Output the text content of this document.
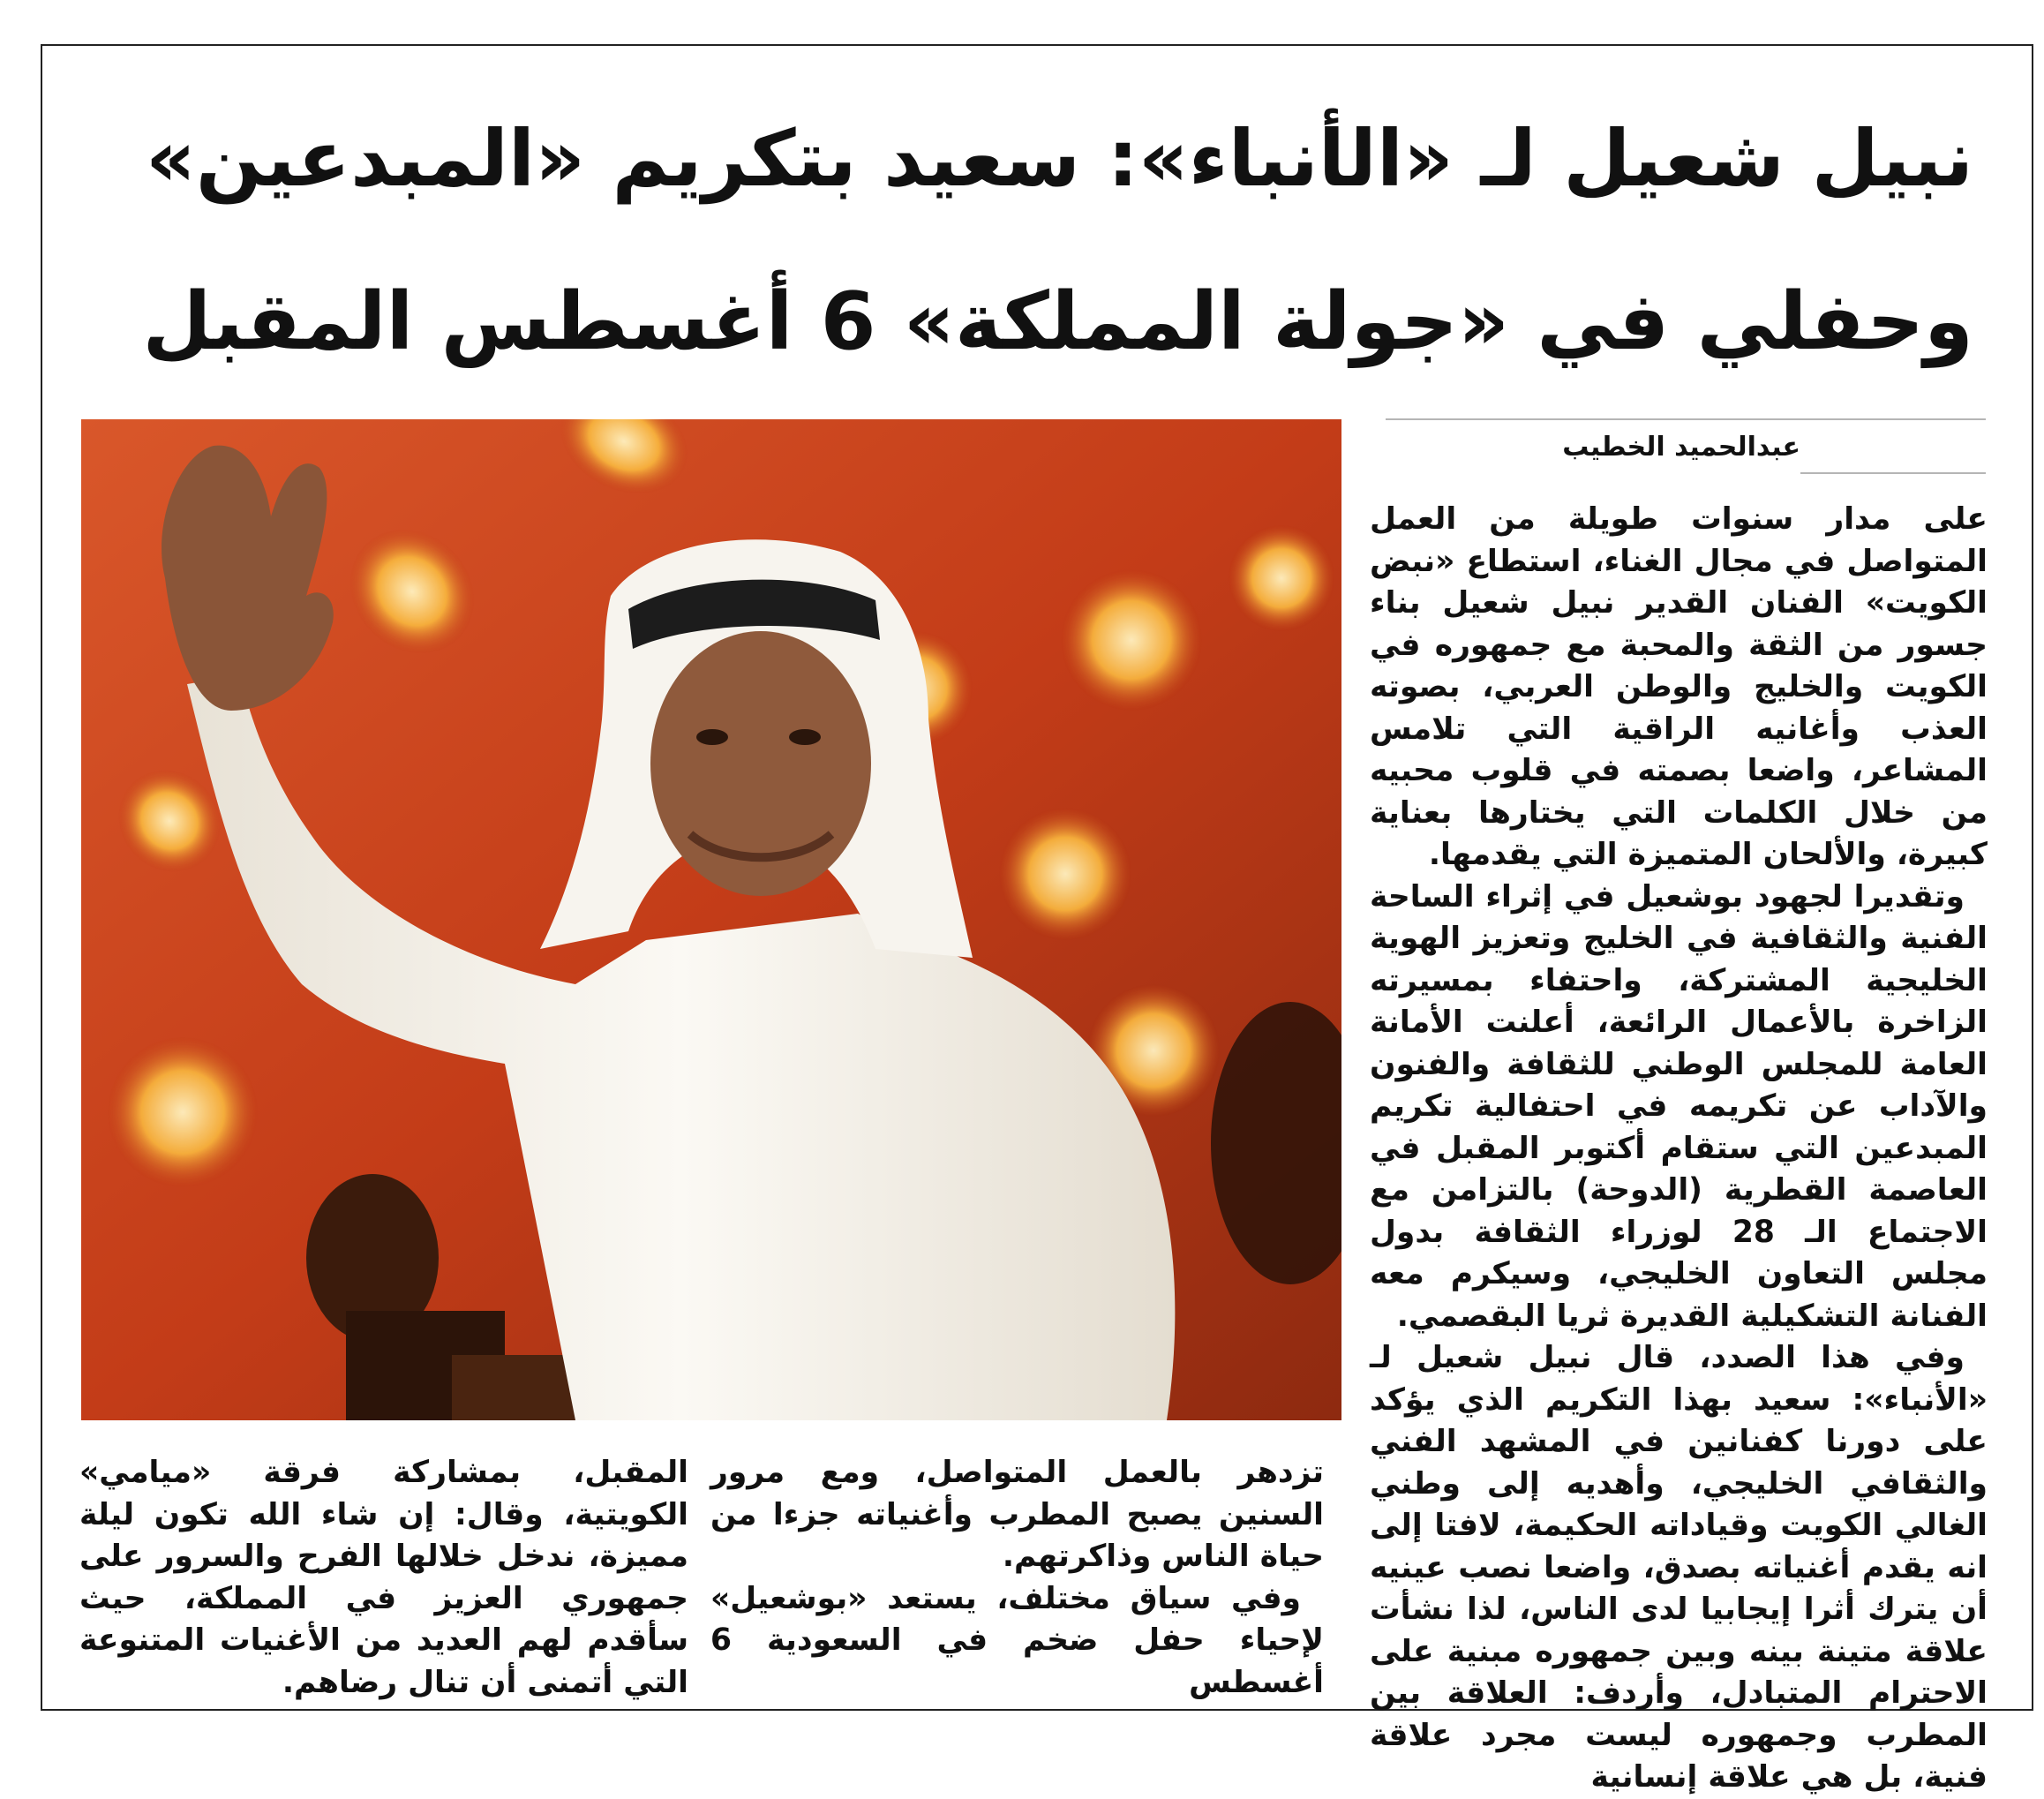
نبيل شعيل لـ «الأنباء»: سعيد بتكريم «المبدعين»
وحفلي في «جولة المملكة» 6 أغسطس المقبل
عبدالحميد الخطيب

على مدار سنوات طويلة من العمل المتواصل في مجال الغناء، استطاع «نبض الكويت» الفنان القدير نبيل شعيل بناء جسور من الثقة والمحبة مع جمهوره في الكويت والخليج والوطن العربي، بصوته العذب وأغانيه الراقية التي تلامس المشاعر، واضعا بصمته في قلوب محبيه من خلال الكلمات التي يختارها بعناية كبيرة، والألحان المتميزة التي يقدمها.

وتقديرا لجهود بوشعيل في إثراء الساحة الفنية والثقافية في الخليج وتعزيز الهوية الخليجية المشتركة، واحتفاء بمسيرته الزاخرة بالأعمال الرائعة، أعلنت الأمانة العامة للمجلس الوطني للثقافة والفنون والآداب عن تكريمه في احتفالية تكريم المبدعين التي ستقام أكتوبر المقبل في العاصمة القطرية (الدوحة) بالتزامن مع الاجتماع الـ 28 لوزراء الثقافة بدول مجلس التعاون الخليجي، وسيكرم معه الفنانة التشكيلية القديرة ثريا البقصمي.

وفي هذا الصدد، قال نبيل شعيل لـ «الأنباء»: سعيد بهذا التكريم الذي يؤكد على دورنا كفنانين في المشهد الفني والثقافي الخليجي، وأهديه إلى وطني الغالي الكويت وقياداته الحكيمة، لافتا إلى انه يقدم أغنياته بصدق، واضعا نصب عينيه أن يترك أثرا إيجابيا لدى الناس، لذا نشأت علاقة متينة بينه وبين جمهوره مبنية على الاحترام المتبادل، وأردف: العلاقة بين المطرب وجمهوره ليست مجرد علاقة فنية، بل هي علاقة إنسانية

تزدهر بالعمل المتواصل، ومع مرور السنين يصبح المطرب وأغنياته جزءا من حياة الناس وذاكرتهم.

وفي سياق مختلف، يستعد «بوشعيل» لإحياء حفل ضخم في السعودية 6 أغسطس

المقبل، بمشاركة فرقة «ميامي» الكويتية، وقال: إن شاء الله تكون ليلة مميزة، ندخل خلالها الفرح والسرور على جمهوري العزيز في المملكة، حيث سأقدم لهم العديد من الأغنيات المتنوعة التي أتمنى أن تنال رضاهم.
